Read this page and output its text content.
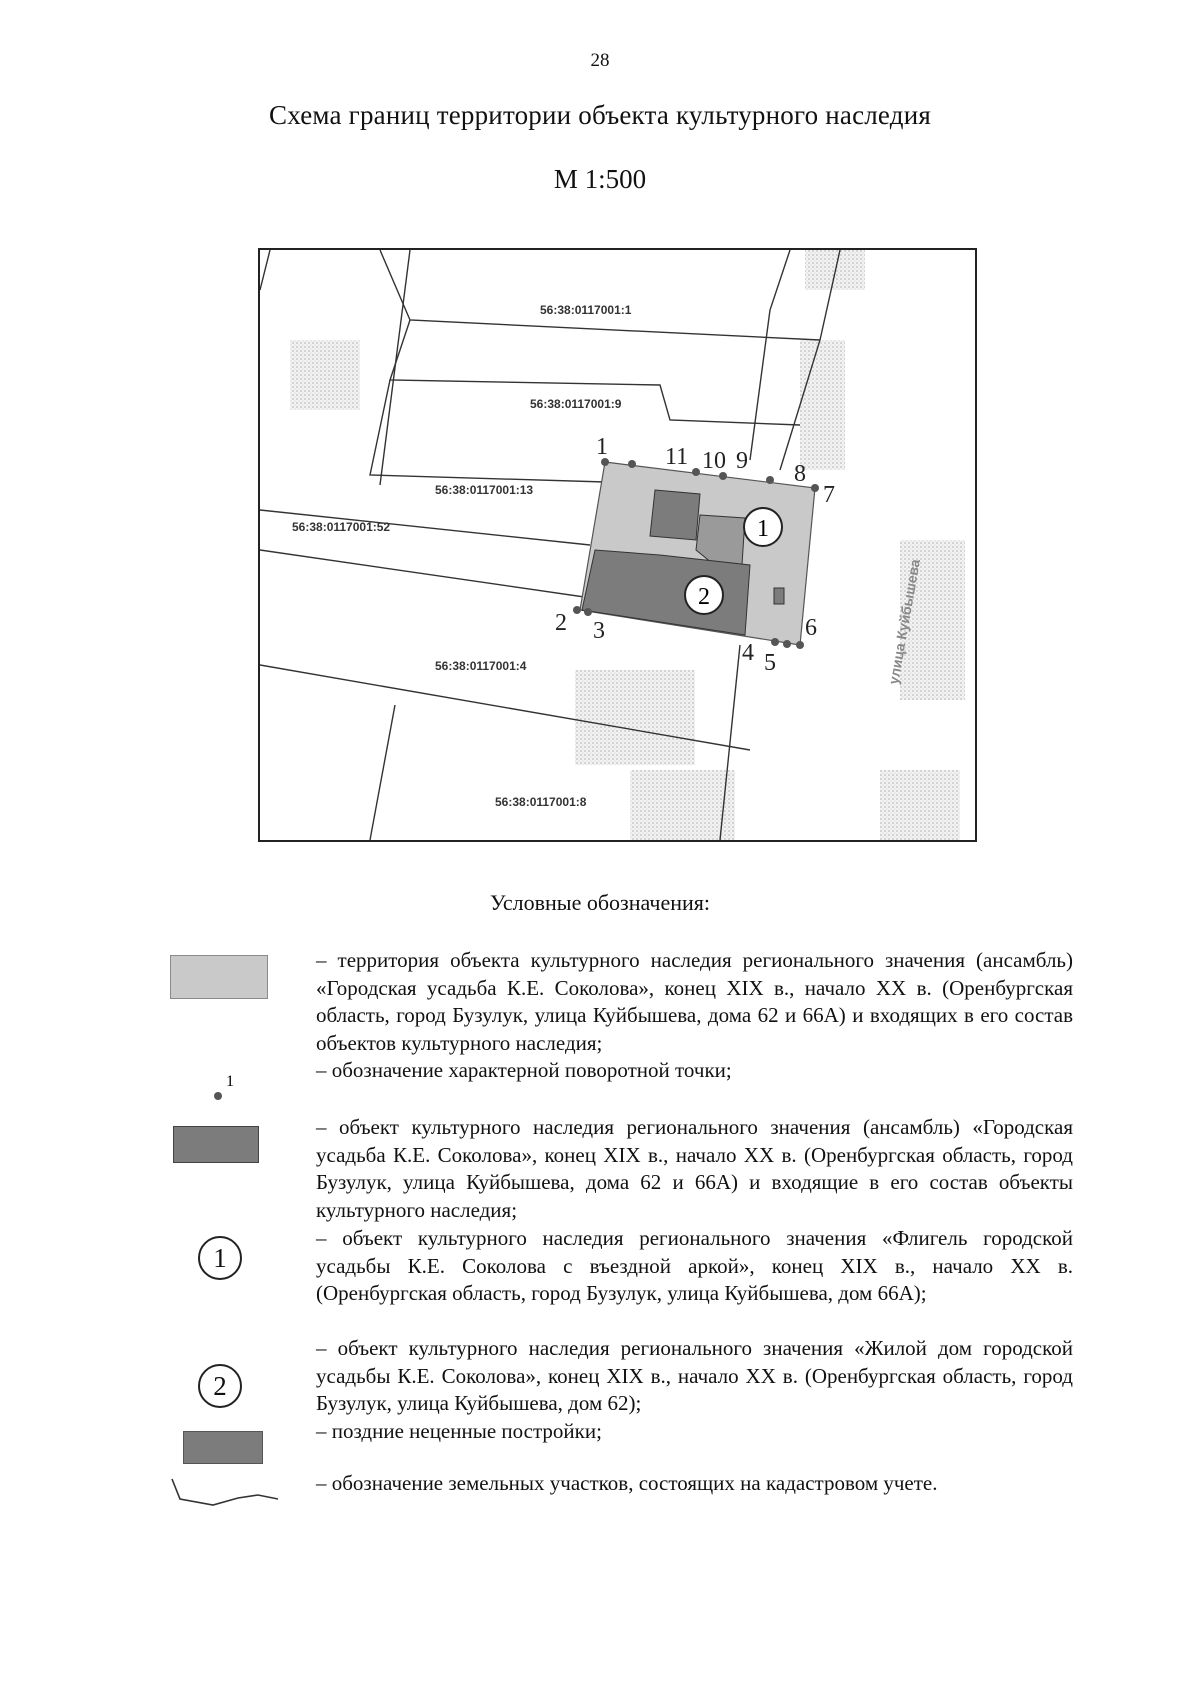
28
Схема границ территории объекта культурного наследия
М 1:500
1
2
1
2 3
4 5
6
7
8
9
10
11
56:38:0117001:1
56:38:0117001:9
56:38:0117001:13
56:38:0117001:52
56:38:0117001:4
56:38:0117001:8
улица Куйбышева
Условные обозначения:
1
1
2
– территория объекта культурного наследия регионального значения (ансамбль) «Городская усадьба К.Е. Соколова», конец XIX в., начало XX в. (Оренбургская область, город Бузулук, улица Куйбышева, дома 62 и 66А) и входящих в его состав объектов культурного наследия;
– обозначение характерной поворотной точки;
– объект культурного наследия регионального значения (ансамбль) «Городская усадьба К.Е. Соколова», конец XIX в., начало XX в. (Оренбургская область, город Бузулук, улица Куйбышева, дома 62 и 66А) и входящие в его состав объекты культурного наследия;
– объект культурного наследия регионального значения «Флигель городской усадьбы К.Е. Соколова с въездной аркой», конец XIX в., начало XX в. (Оренбургская область, город Бузулук, улица Куйбышева, дом 66А);
– объект культурного наследия регионального значения «Жилой дом городской усадьбы К.Е. Соколова», конец XIX в., начало XX в. (Оренбургская область, город Бузулук, улица Куйбышева, дом 62);
– поздние неценные постройки;
– обозначение земельных участков, состоящих на кадастровом учете.
